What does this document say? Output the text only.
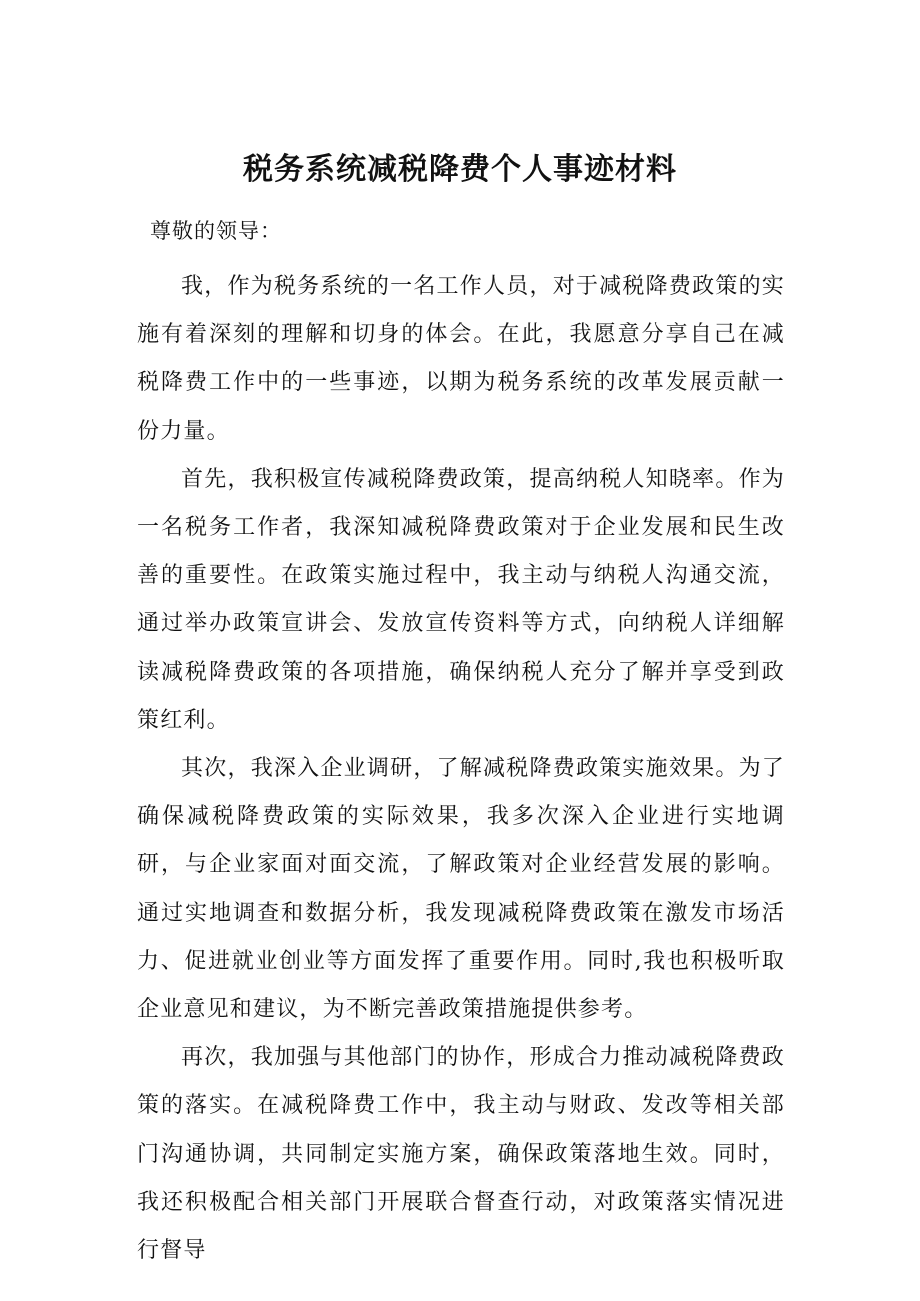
税务系统减税降费个人事迹材料

尊敬的领导：

我，作为税务系统的一名工作人员，对于减税降费政策的实施有着深刻的理解和切身的体会。在此，我愿意分享自己在减税降费工作中的一些事迹，以期为税务系统的改革发展贡献一份力量。

首先，我积极宣传减税降费政策，提高纳税人知晓率。作为一名税务工作者，我深知减税降费政策对于企业发展和民生改善的重要性。在政策实施过程中，我主动与纳税人沟通交流，通过举办政策宣讲会、发放宣传资料等方式，向纳税人详细解读减税降费政策的各项措施，确保纳税人充分了解并享受到政策红利。

其次，我深入企业调研，了解减税降费政策实施效果。为了确保减税降费政策的实际效果，我多次深入企业进行实地调研，与企业家面对面交流，了解政策对企业经营发展的影响。通过实地调查和数据分析，我发现减税降费政策在激发市场活力、促进就业创业等方面发挥了重要作用。同时,我也积极听取企业意见和建议，为不断完善政策措施提供参考。

再次，我加强与其他部门的协作，形成合力推动减税降费政策的落实。在减税降费工作中，我主动与财政、发改等相关部门沟通协调，共同制定实施方案，确保政策落地生效。同时，我还积极配合相关部门开展联合督查行动，对政策落实情况进行督导
